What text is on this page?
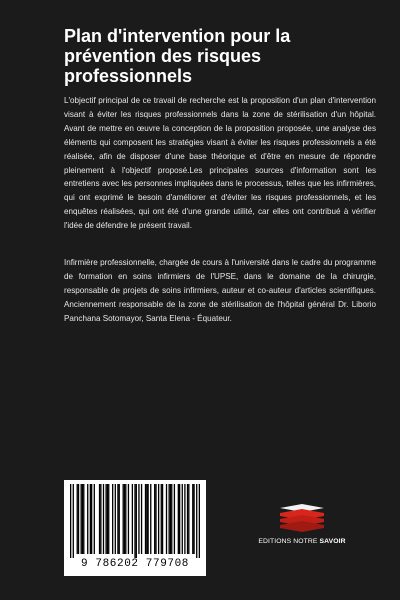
Plan d'intervention pour la prévention des risques professionnels

L'objectif principal de ce travail de recherche est la proposition d'un plan d'intervention visant à éviter les risques professionnels dans la zone de stérilisation d'un hôpital. Avant de mettre en œuvre la conception de la proposition proposée, une analyse des éléments qui composent les stratégies visant à éviter les risques professionnels a été réalisée, afin de disposer d'une base théorique et d'être en mesure de répondre pleinement à l'objectif proposé.Les principales sources d'information sont les entretiens avec les personnes impliquées dans le processus, telles que les infirmières, qui ont exprimé le besoin d'améliorer et d'éviter les risques professionnels, et les enquêtes réalisées, qui ont été d'une grande utilité, car elles ont contribué à vérifier l'idée de défendre le présent travail.

Infirmière professionnelle, chargée de cours à l'université dans le cadre du programme de formation en soins infirmiers de l'UPSE, dans le domaine de la chirurgie, responsable de projets de soins infirmiers, auteur et co-auteur d'articles scientifiques. Anciennement responsable de la zone de stérilisation de l'hôpital général Dr. Liborio Panchana Sotomayor, Santa Elena - Équateur.

9 786202 779708
EDITIONS NOTRE SAVOIR
